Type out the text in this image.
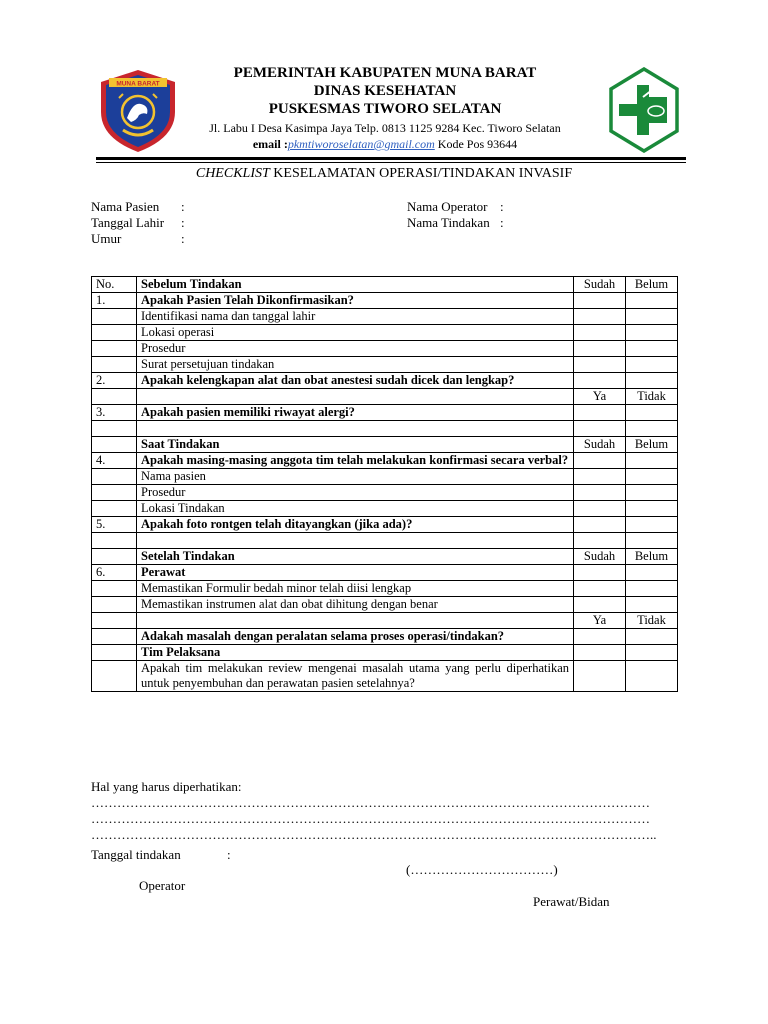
MUNA BARAT
PEMERINTAH KABUPATEN MUNA BARAT
DINAS KESEHATAN
PUSKESMAS TIWORO SELATAN
Jl. Labu I Desa Kasimpa Jaya Telp. 0813 1125 9284 Kec. Tiworo Selatan
email :pkmtiworoselatan@gmail.com Kode Pos 93644
CHECKLIST KESELAMATAN OPERASI/TINDAKAN INVASIF
Nama Pasien	:
Tanggal Lahir	:
Umur	:
Nama Operator :
Nama Tindakan :
No.	Sebelum Tindakan	Sudah	Belum
1.	Apakah Pasien Telah Dikonfirmasikan?		
	Identifikasi nama dan tanggal lahir		
	Lokasi operasi		
	Prosedur		
	Surat persetujuan tindakan		
2.	Apakah kelengkapan alat dan obat anestesi sudah dicek dan lengkap?		
		Ya	Tidak
3.	Apakah pasien memiliki riwayat alergi?		

	Saat Tindakan	Sudah	Belum
4.	Apakah masing-masing anggota tim telah melakukan konfirmasi secara verbal?		
	Nama pasien		
	Prosedur		
	Lokasi Tindakan		
5.	Apakah foto rontgen telah ditayangkan (jika ada)?		

	Setelah Tindakan	Sudah	Belum
6.	Perawat		
	Memastikan Formulir bedah minor telah diisi lengkap		
	Memastikan instrumen alat dan obat dihitung dengan benar		
		Ya	Tidak
	Adakah masalah dengan peralatan selama proses operasi/tindakan?		
	Tim Pelaksana		
	Apakah tim melakukan review mengenai masalah utama yang perlu diperhatikan untuk penyembuhan dan perawatan pasien setelahnya?		
Hal yang harus diperhatikan:
…………………………………………………………………………………………………………………
…………………………………………………………………………………………………………………
…………………………………………………………………………………………………………………..
Tanggal tindakan	:
Operator
(……………………………)
Perawat/Bidan
